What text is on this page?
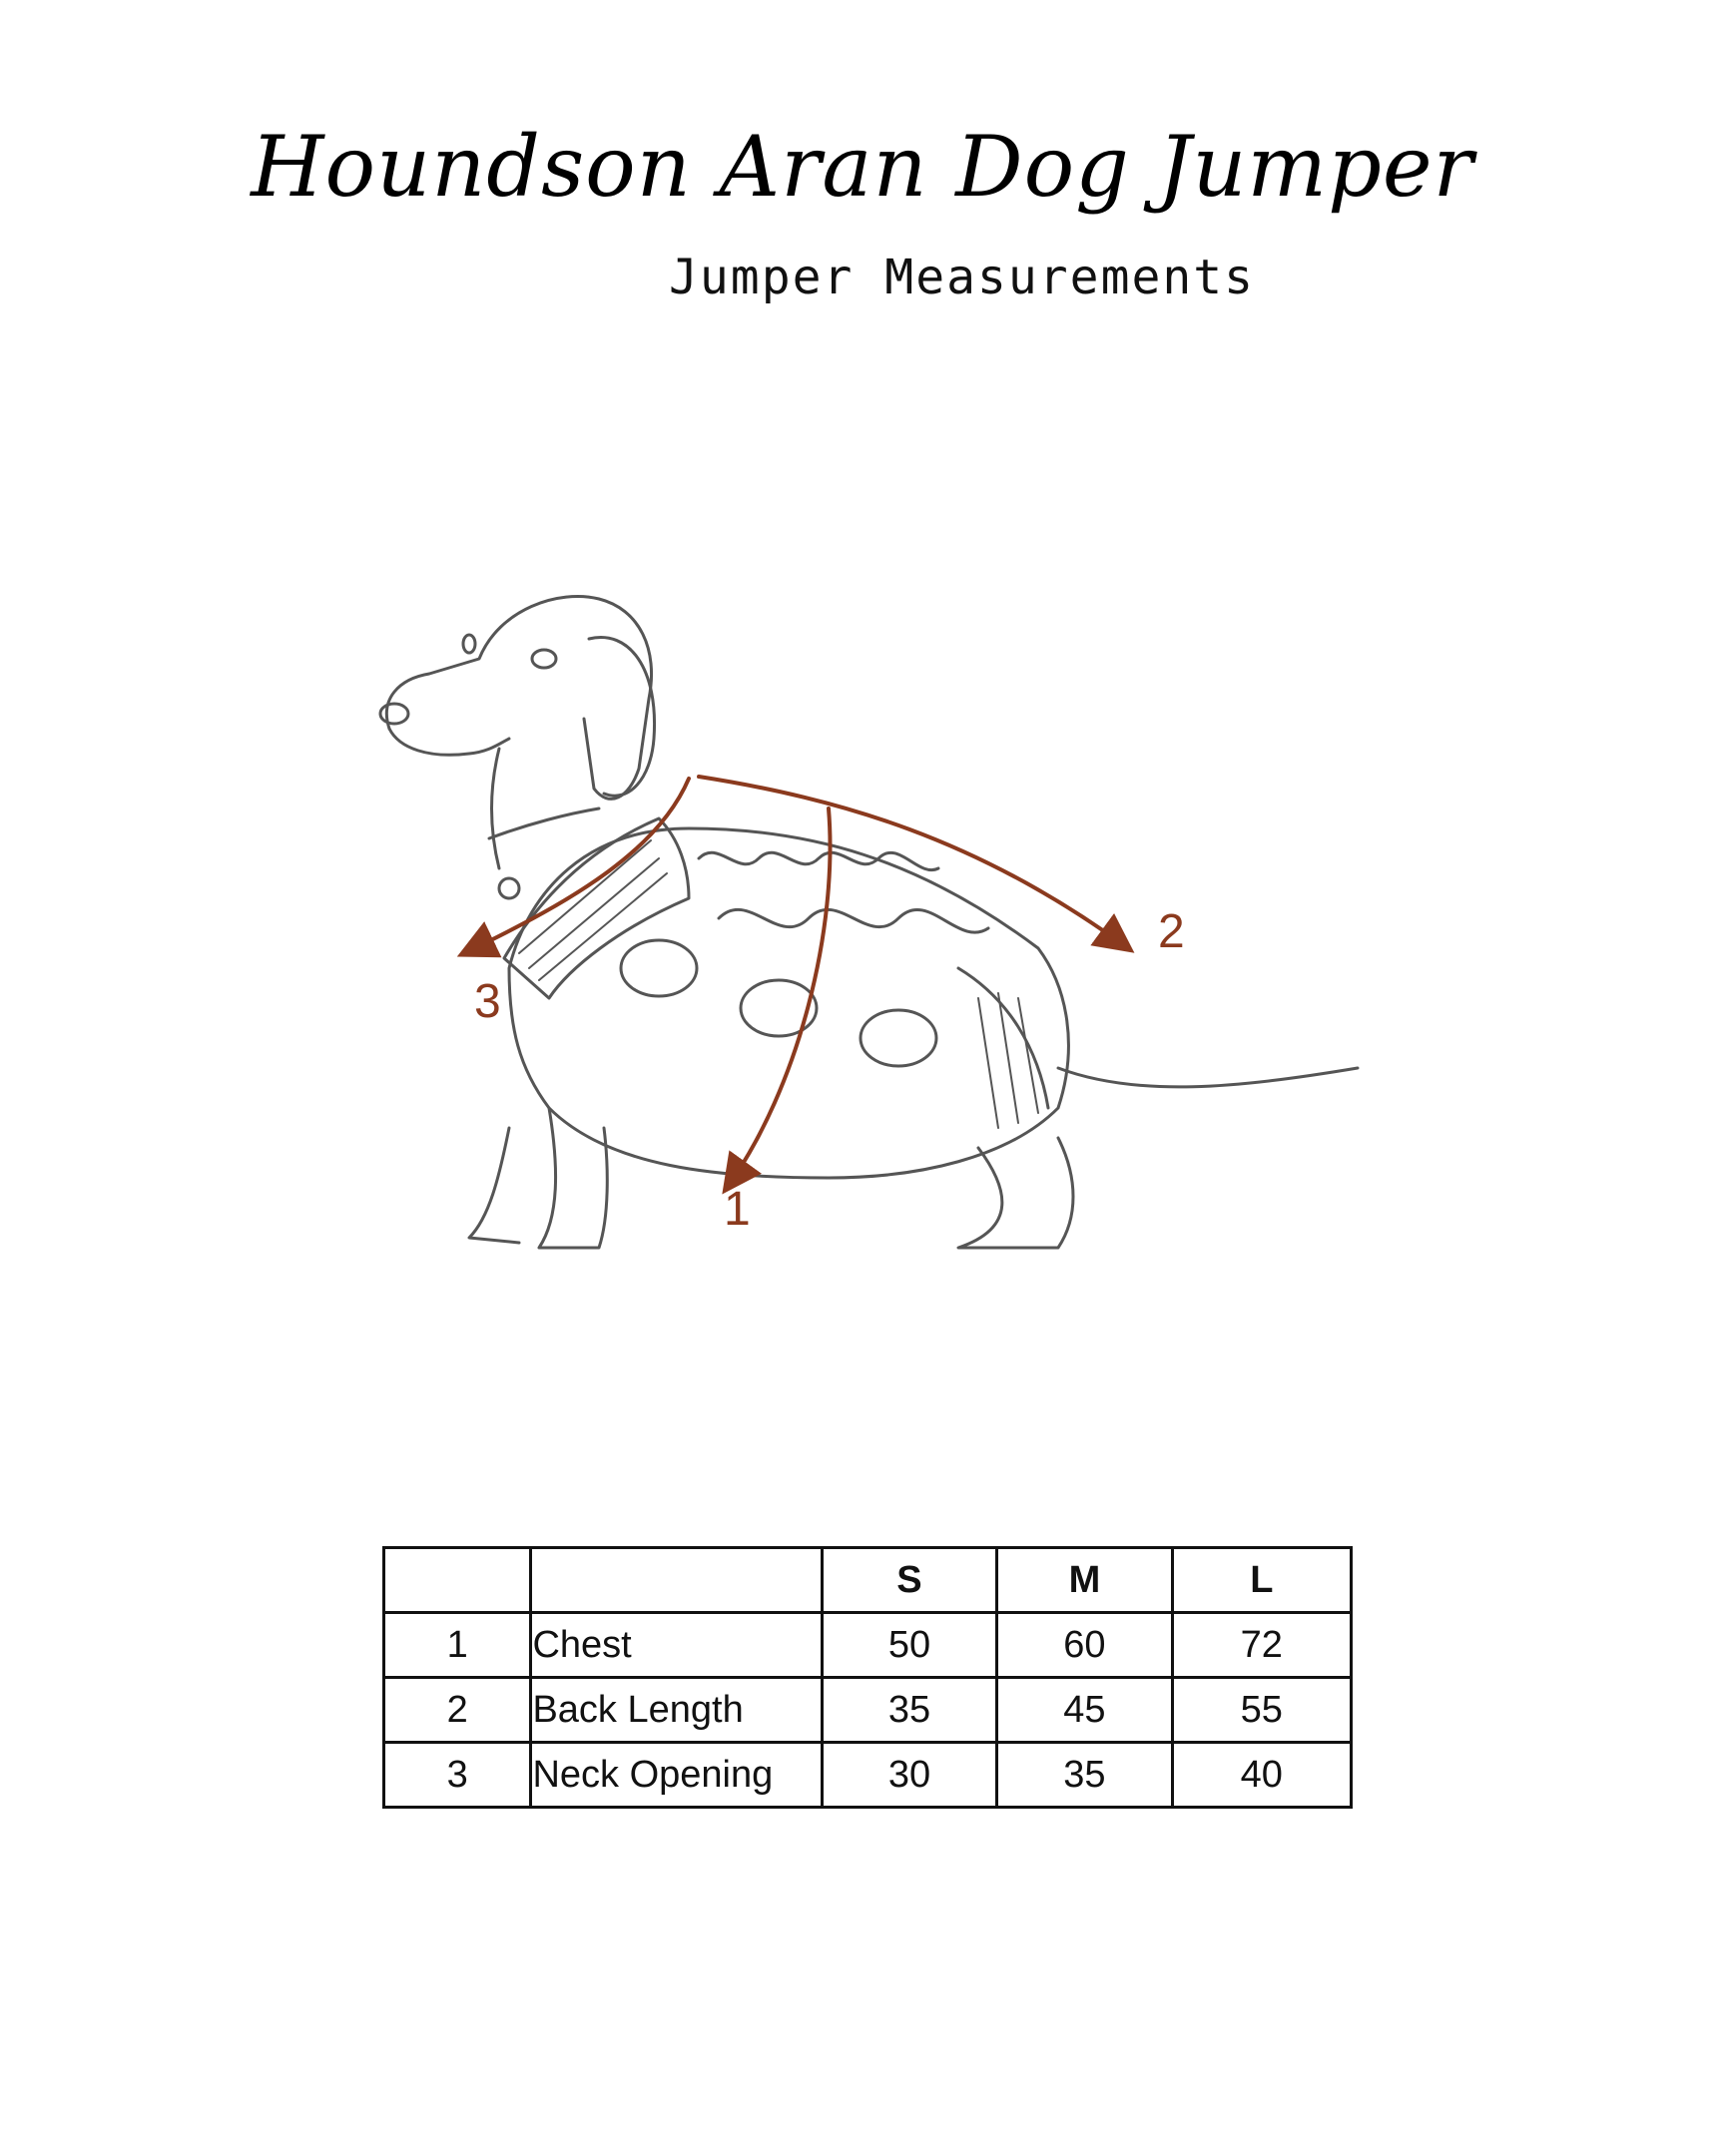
Houndson Aran Dog Jumper
Jumper Measurements
1
2
3
		S	M	L
1	Chest	50	60	72
2	Back Length	35	45	55
3	Neck Opening	30	35	40
